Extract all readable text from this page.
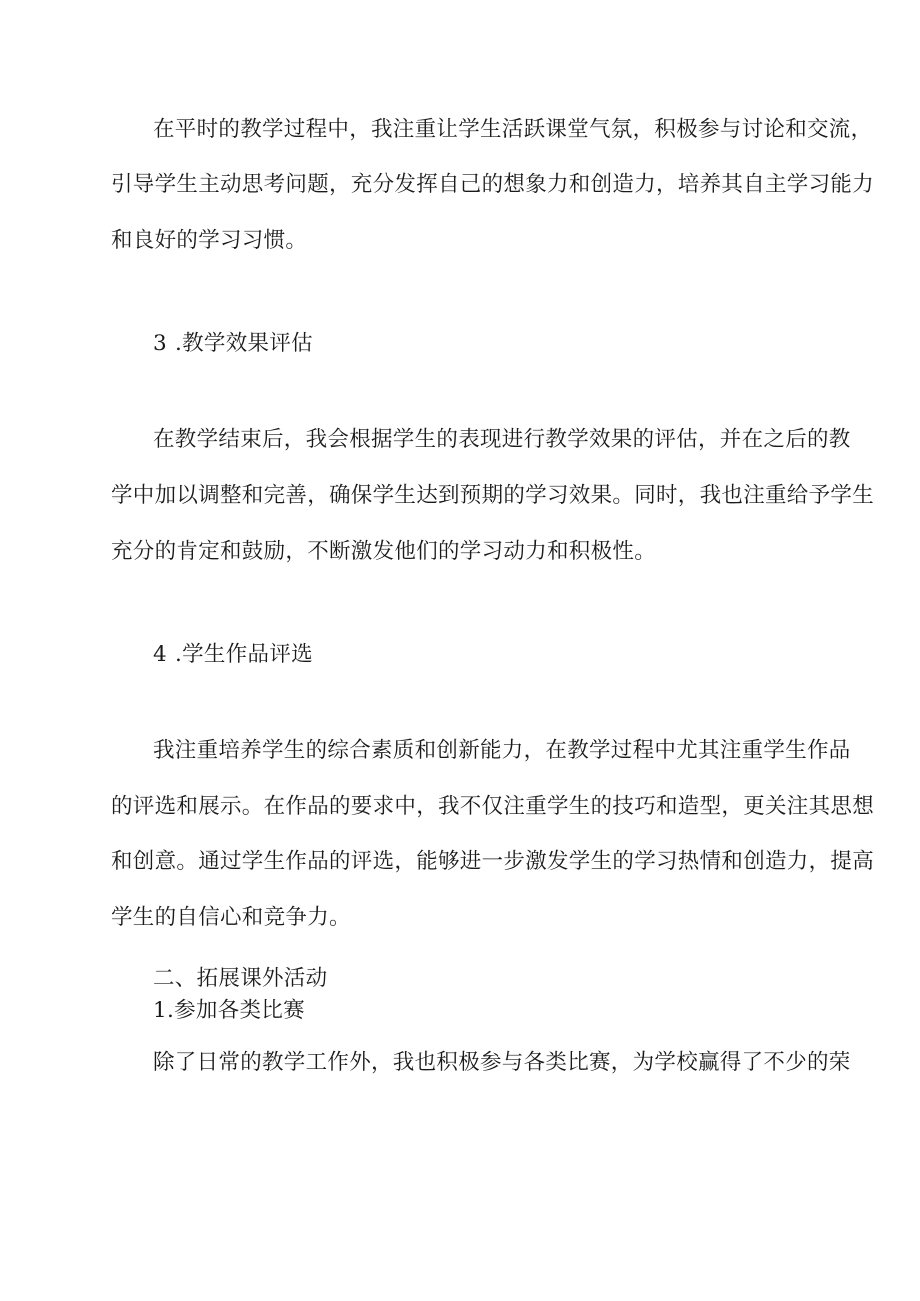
在平时的教学过程中，我注重让学生活跃课堂气氛，积极参与讨论和交流，
引导学生主动思考问题，充分发挥自己的想象力和创造力，培养其自主学习能力
和良好的学习习惯。
3 .教学效果评估
在教学结束后，我会根据学生的表现进行教学效果的评估，并在之后的教
学中加以调整和完善，确保学生达到预期的学习效果。同时，我也注重给予学生
充分的肯定和鼓励，不断激发他们的学习动力和积极性。
4 .学生作品评选
我注重培养学生的综合素质和创新能力，在教学过程中尤其注重学生作品
的评选和展示。在作品的要求中，我不仅注重学生的技巧和造型，更关注其思想
和创意。通过学生作品的评选，能够进一步激发学生的学习热情和创造力，提高
学生的自信心和竞争力。
二、拓展课外活动
1.参加各类比赛
除了日常的教学工作外，我也积极参与各类比赛，为学校赢得了不少的荣
